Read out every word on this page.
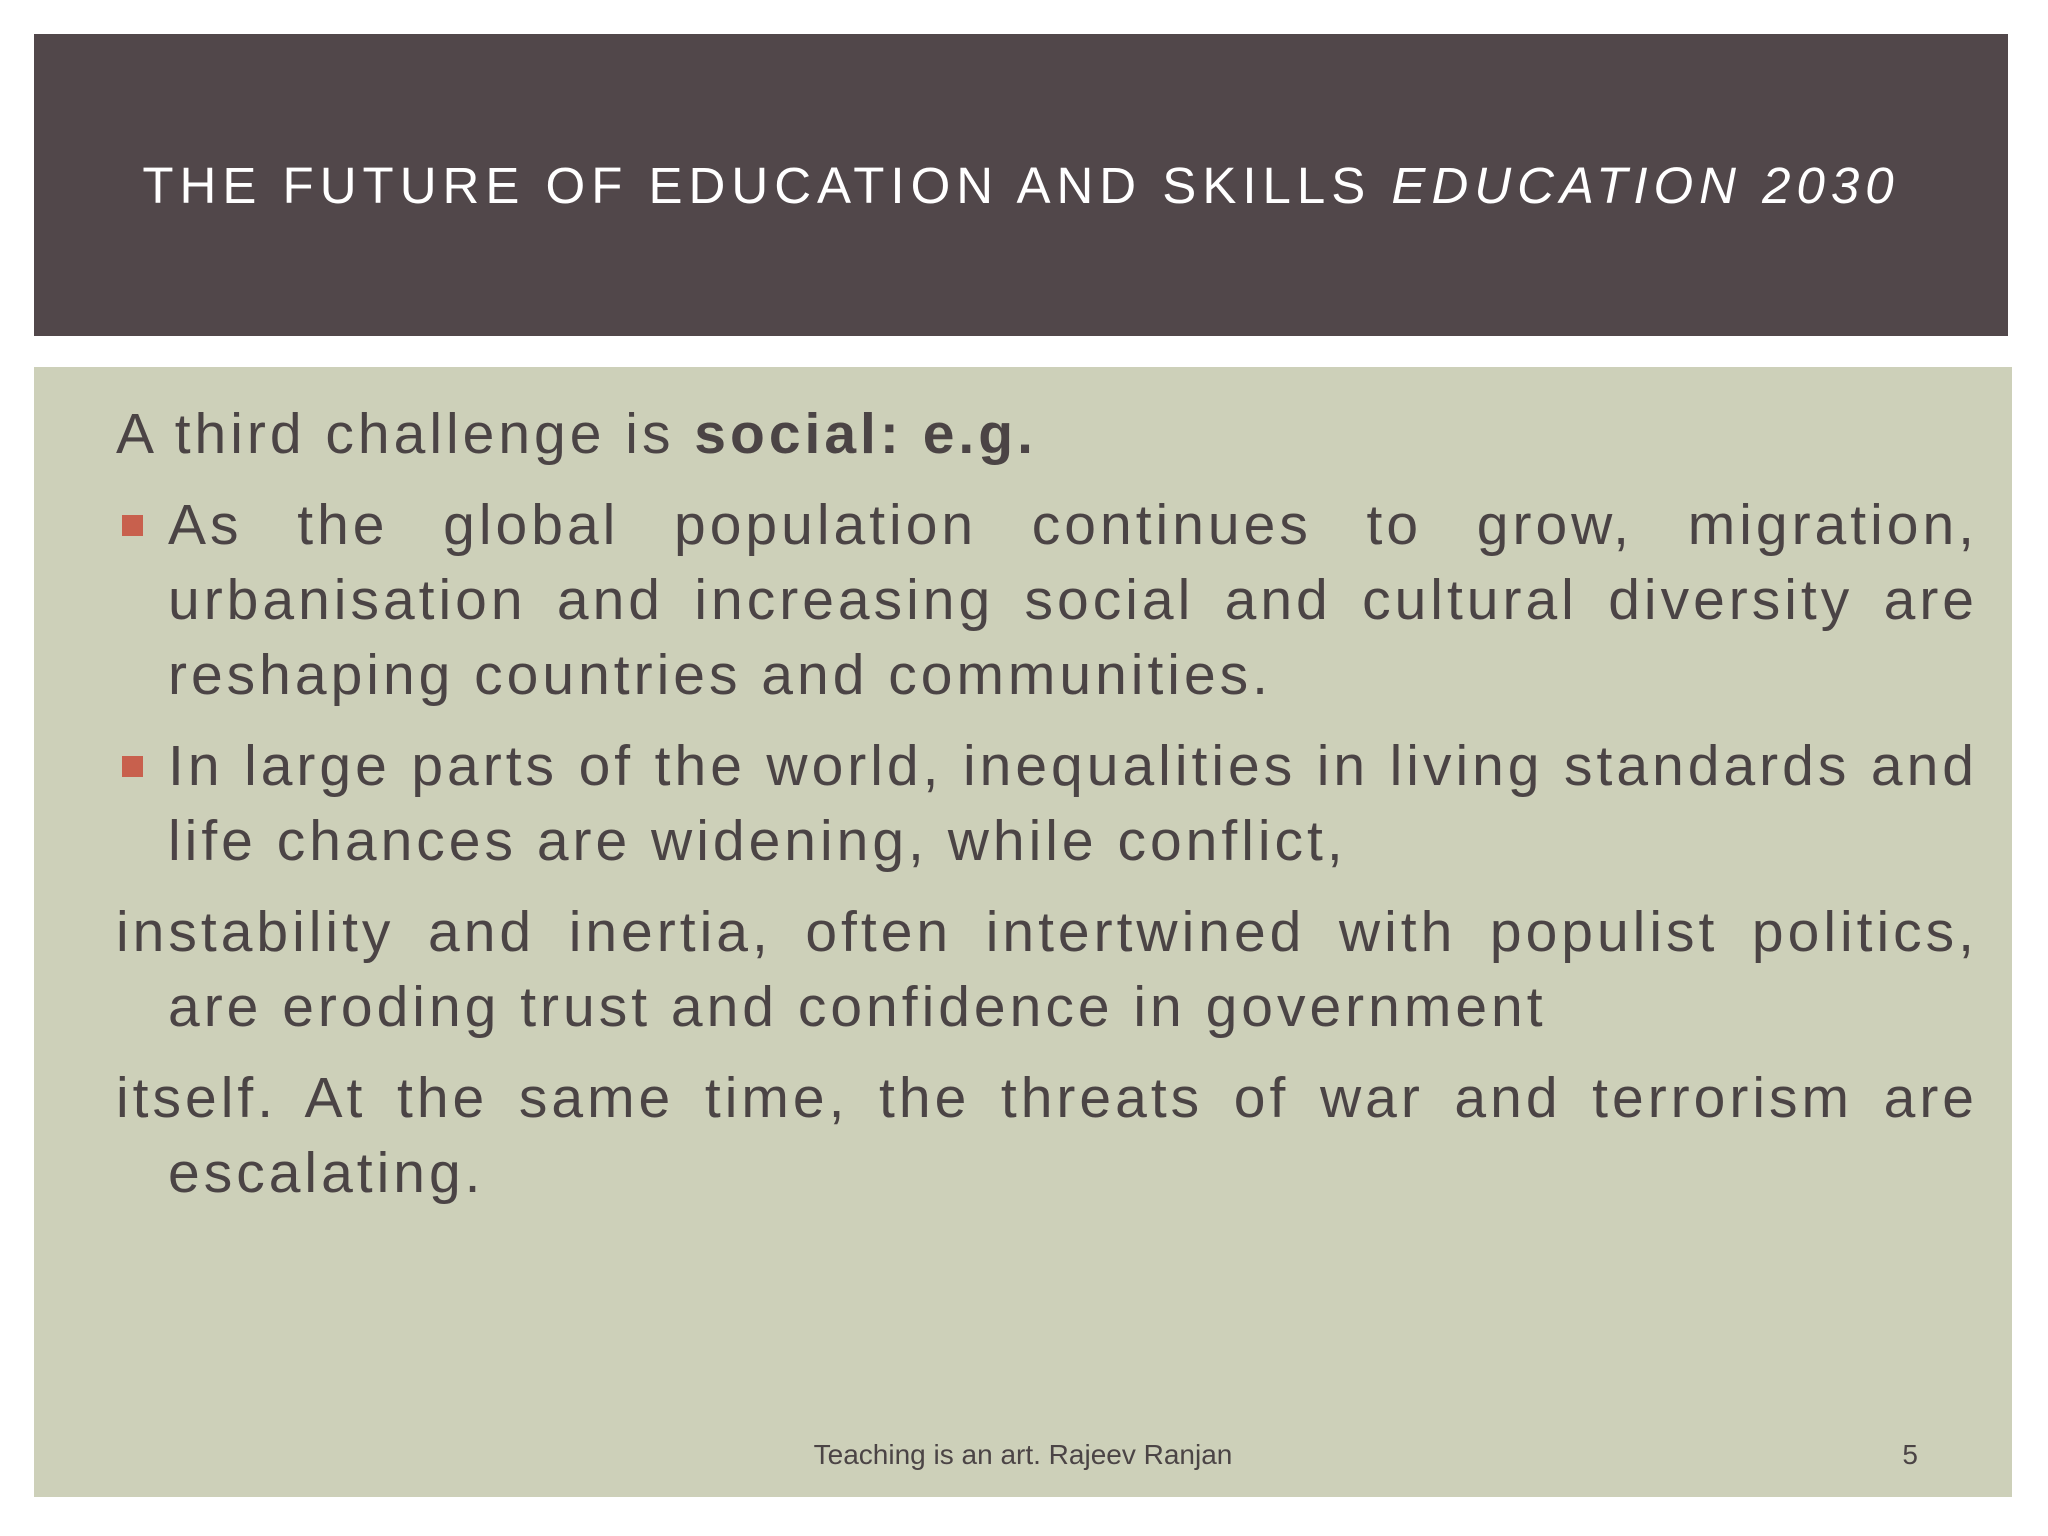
THE FUTURE OF EDUCATION AND SKILLS EDUCATION 2030

A third challenge is social: e.g.

As the global population continues to grow, migration, urbanisation and increasing social and cultural diversity are reshaping countries and communities.
In large parts of the world, inequalities in living standards and life chances are widening, while conflict,

instability and inertia, often intertwined with populist politics, are eroding trust and confidence in government

itself. At the same time, the threats of war and terrorism are escalating.

Teaching is an art. Rajeev Ranjan	5
